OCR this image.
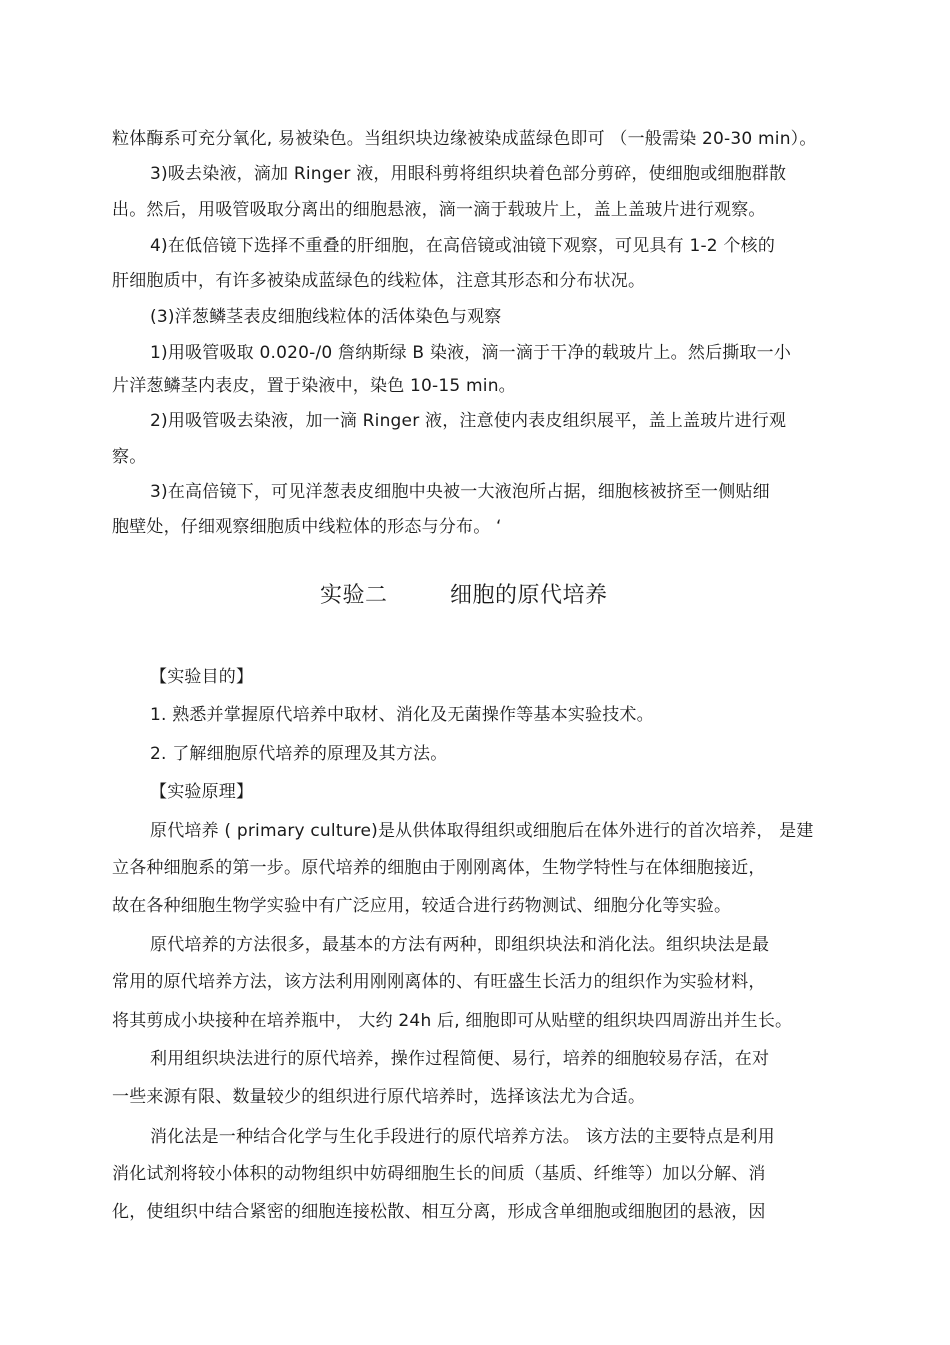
粒体酶系可充分氧化, 易被染色。当组织块边缘被染成蓝绿色即可 （一般需染 20-30 min）。
3)吸去染液，滴加 Ringer 液，用眼科剪将组织块着色部分剪碎，使细胞或细胞群散
出。然后，用吸管吸取分离出的细胞悬液，滴一滴于载玻片上，盖上盖玻片进行观察。
4)在低倍镜下选择不重叠的肝细胞，在高倍镜或油镜下观察，可见具有 1-2 个核的
肝细胞质中，有许多被染成蓝绿色的线粒体，注意其形态和分布状况。
(3)洋葱鳞茎表皮细胞线粒体的活体染色与观察
1)用吸管吸取 0.020-/0 詹纳斯绿 B 染液，滴一滴于干净的载玻片上。然后撕取一小
片洋葱鳞茎内表皮，置于染液中，染色 10-15 min。
2)用吸管吸去染液，加一滴 Ringer 液，注意使内表皮组织展平，盖上盖玻片进行观
察。
3)在高倍镜下，可见洋葱表皮细胞中央被一大液泡所占据，细胞核被挤至一侧贴细
胞壁处，仔细观察细胞质中线粒体的形态与分布。 ‘
实验二	细胞的原代培养
【实验目的】
1. 熟悉并掌握原代培养中取材、消化及无菌操作等基本实验技术。
2. 了解细胞原代培养的原理及其方法。
【实验原理】
原代培养 ( primary culture)是从供体取得组织或细胞后在体外进行的首次培养， 是建
立各种细胞系的第一步。原代培养的细胞由于刚刚离体，生物学特性与在体细胞接近，
故在各种细胞生物学实验中有广泛应用，较适合进行药物测试、细胞分化等实验。
原代培养的方法很多，最基本的方法有两种，即组织块法和消化法。组织块法是最
常用的原代培养方法，该方法利用刚刚离体的、有旺盛生长活力的组织作为实验材料，
将其剪成小块接种在培养瓶中， 大约 24h 后, 细胞即可从贴壁的组织块四周游出并生长。
利用组织块法进行的原代培养，操作过程简便、易行，培养的细胞较易存活，在对
一些来源有限、数量较少的组织进行原代培养时，选择该法尤为合适。
消化法是一种结合化学与生化手段进行的原代培养方法。 该方法的主要特点是利用
消化试剂将较小体积的动物组织中妨碍细胞生长的间质（基质、纤维等）加以分解、消
化，使组织中结合紧密的细胞连接松散、相互分离，形成含单细胞或细胞团的悬液，因
